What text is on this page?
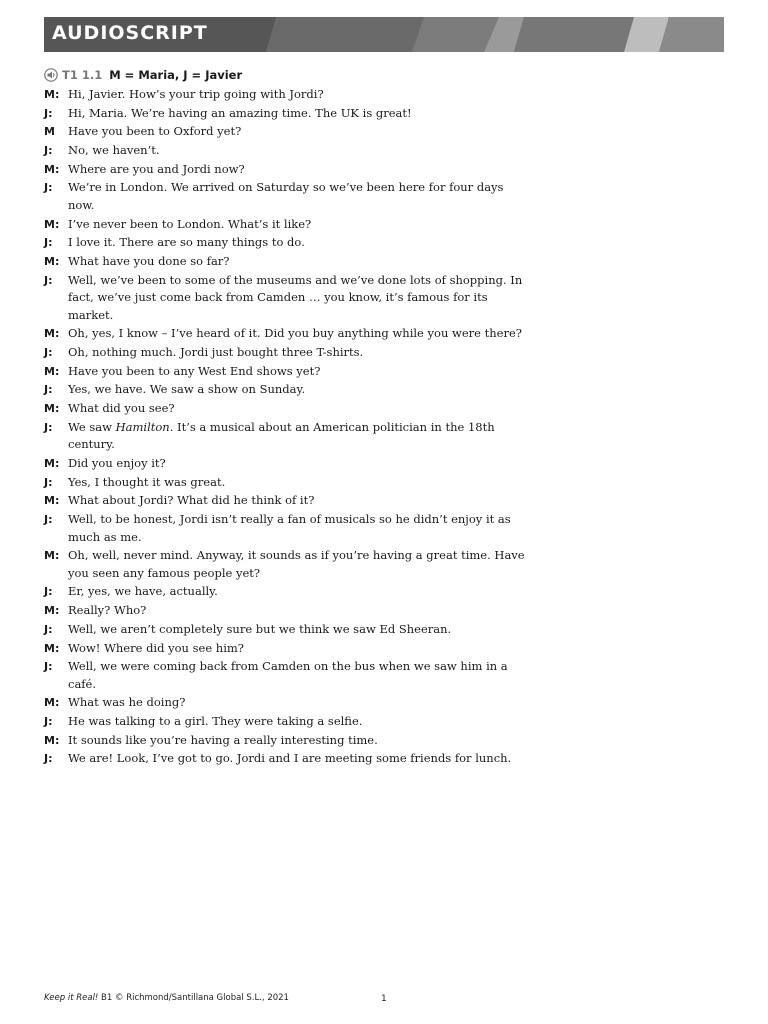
AUDIOSCRIPT
T1 1.1 M = Maria, J = Javier
M: Hi, Javier. How’s your trip going with Jordi?
J:	Hi, Maria. We’re having an amazing time. The UK is great!
M	Have you been to Oxford yet?
J:	No, we haven’t.
M: Where are you and Jordi now?
J:	We’re in London. We arrived on Saturday so we’ve been here for four days now.
M: I’ve never been to London. What’s it like?
J:	I love it. There are so many things to do.
M: What have you done so far?
J:	Well, we’ve been to some of the museums and we’ve done lots of shopping. In fact, we’ve just come back from Camden … you know, it’s famous for its market.
M: Oh, yes, I know – I’ve heard of it. Did you buy anything while you were there?
J:	Oh, nothing much. Jordi just bought three T-shirts.
M: Have you been to any West End shows yet?
J:	Yes, we have. We saw a show on Sunday.
M: What did you see?
J:	We saw Hamilton. It’s a musical about an American politician in the 18th century.
M: Did you enjoy it?
J:	Yes, I thought it was great.
M: What about Jordi? What did he think of it?
J:	Well, to be honest, Jordi isn’t really a fan of musicals so he didn’t enjoy it as much as me.
M: Oh, well, never mind. Anyway, it sounds as if you’re having a great time. Have you seen any famous people yet?
J:	Er, yes, we have, actually.
M: Really? Who?
J:	Well, we aren’t completely sure but we think we saw Ed Sheeran.
M: Wow! Where did you see him?
J:	Well, we were coming back from Camden on the bus when we saw him in a café.
M: What was he doing?
J:	He was talking to a girl. They were taking a selfie.
M: It sounds like you’re having a really interesting time.
J:	We are! Look, I’ve got to go. Jordi and I are meeting some friends for lunch.
Keep it Real! B1 © Richmond/Santillana Global S.L., 2021	1
